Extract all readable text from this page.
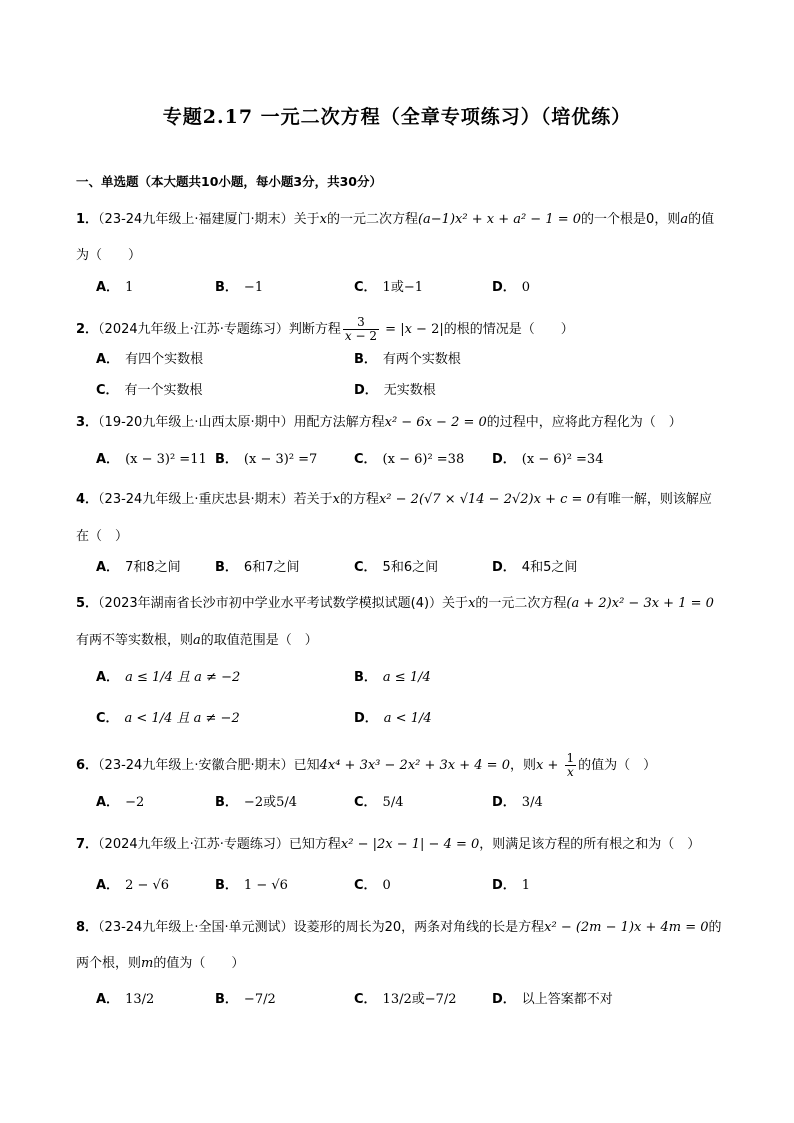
专题2.17 一元二次方程（全章专项练习）（培优练）
一、单选题（本大题共10小题，每小题3分，共30分）
1．（23-24九年级上·福建厦门·期末）关于x的一元二次方程(a−1)x² + x + a² − 1 = 0的一个根是0，则a的值
为（　　）
A． 1	B． −1	C． 1或−1	D． 0
2．（2024九年级上·江苏·专题练习）判断方程 $\frac{3}{x - 2} = |x - 2|$的根的情况是（　　）
A． 有四个实数根	B． 有两个实数根
C． 有一个实数根	D． 无实数根
3．（19-20九年级上·山西太原·期中）用配方法解方程x² − 6x − 2 = 0的过程中，应将此方程化为（　）
A． (x − 3)² =11 B． (x − 3)² =7	C． (x − 6)² =38 D． (x − 6)² =34
4．（23-24九年级上·重庆忠县·期末）若关于x的方程x² − 2(√7 × √14 − 2√2)x + c = 0有唯一解，则该解应
在（　）
A． 7和8之间	B． 6和7之间	C． 5和6之间	D． 4和5之间
5．（2023年湖南省长沙市初中学业水平考试数学模拟试题(4)）关于x的一元二次方程(a + 2)x² − 3x + 1 = 0
有两不等实数根，则a的取值范围是（　）
A． a ≤ 1/4 且 a ≠ −2	B． a ≤ 1/4
C． a < 1/4 且 a ≠ −2	D． a < 1/4
6．（23-24九年级上·安徽合肥·期末）已知4x⁴ + 3x³ − 2x² + 3x + 4 = 0，则$x + \frac{1}{x}$ 的值为（　）
A． −2	B． −2或5/4	C． 5/4	D． 3/4
7．（2024九年级上·江苏·专题练习）已知方程x² − |2x − 1| − 4 = 0，则满足该方程的所有根之和为（　）
A． 2 − √6	B． 1 − √6	C． 0	D． 1
8．（23-24九年级上·全国·单元测试）设菱形的周长为20，两条对角线的长是方程x² − (2m − 1)x + 4m = 0的
两个根，则m的值为（　　）
A． 13/2	B． −7/2	C． 13/2或−7/2	D． 以上答案都不对
